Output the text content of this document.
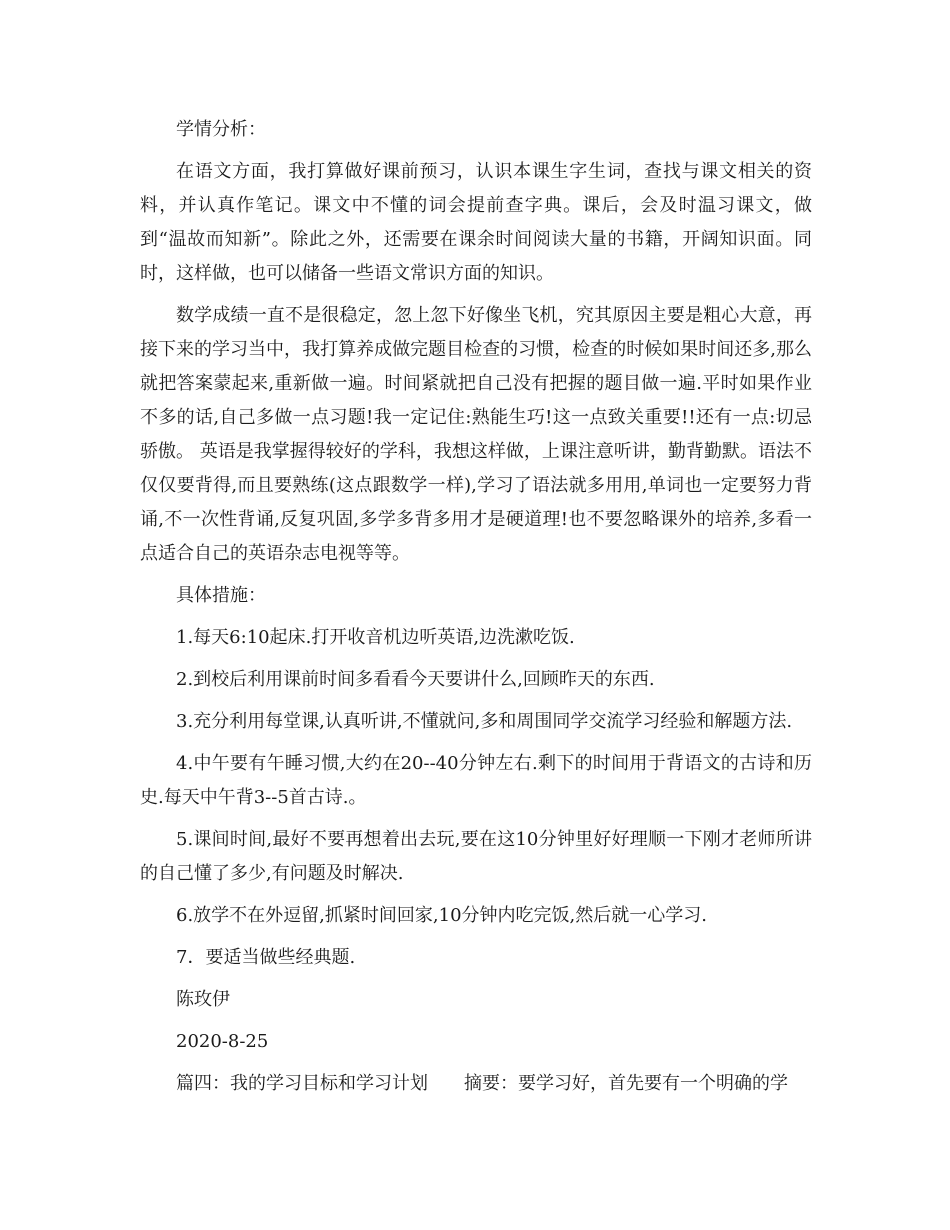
学情分析：

在语文方面，我打算做好课前预习，认识本课生字生词，查找与课文相关的资料，并认真作笔记。课文中不懂的词会提前查字典。课后，会及时温习课文，做到“温故而知新”。除此之外，还需要在课余时间阅读大量的书籍，开阔知识面。同时，这样做，也可以储备一些语文常识方面的知识。

数学成绩一直不是很稳定，忽上忽下好像坐飞机，究其原因主要是粗心大意，再接下来的学习当中，我打算养成做完题目检查的习惯，检查的时候如果时间还多,那么就把答案蒙起来,重新做一遍。时间紧就把自己没有把握的题目做一遍.平时如果作业不多的话,自己多做一点习题!我一定记住:熟能生巧!这一点致关重要!!还有一点:切忌骄傲。 英语是我掌握得较好的学科，我想这样做，上课注意听讲，勤背勤默。语法不仅仅要背得,而且要熟练(这点跟数学一样),学习了语法就多用用,单词也一定要努力背诵,不一次性背诵,反复巩固,多学多背多用才是硬道理!也不要忽略课外的培养,多看一点适合自己的英语杂志电视等等。

具体措施：

1.每天6:10起床.打开收音机边听英语,边洗漱吃饭.

2.到校后利用课前时间多看看今天要讲什么,回顾昨天的东西.

3.充分利用每堂课,认真听讲,不懂就问,多和周围同学交流学习经验和解题方法.

4.中午要有午睡习惯,大约在20--40分钟左右.剩下的时间用于背语文的古诗和历史.每天中午背3--5首古诗.。

5.课间时间,最好不要再想着出去玩,要在这10分钟里好好理顺一下刚才老师所讲的自己懂了多少,有问题及时解决.

6.放学不在外逗留,抓紧时间回家,10分钟内吃完饭,然后就一心学习.

7．要适当做些经典题.

陈玫伊

2020-8-25

篇四：我的学习目标和学习计划 摘要：要学习好，首先要有一个明确的学
